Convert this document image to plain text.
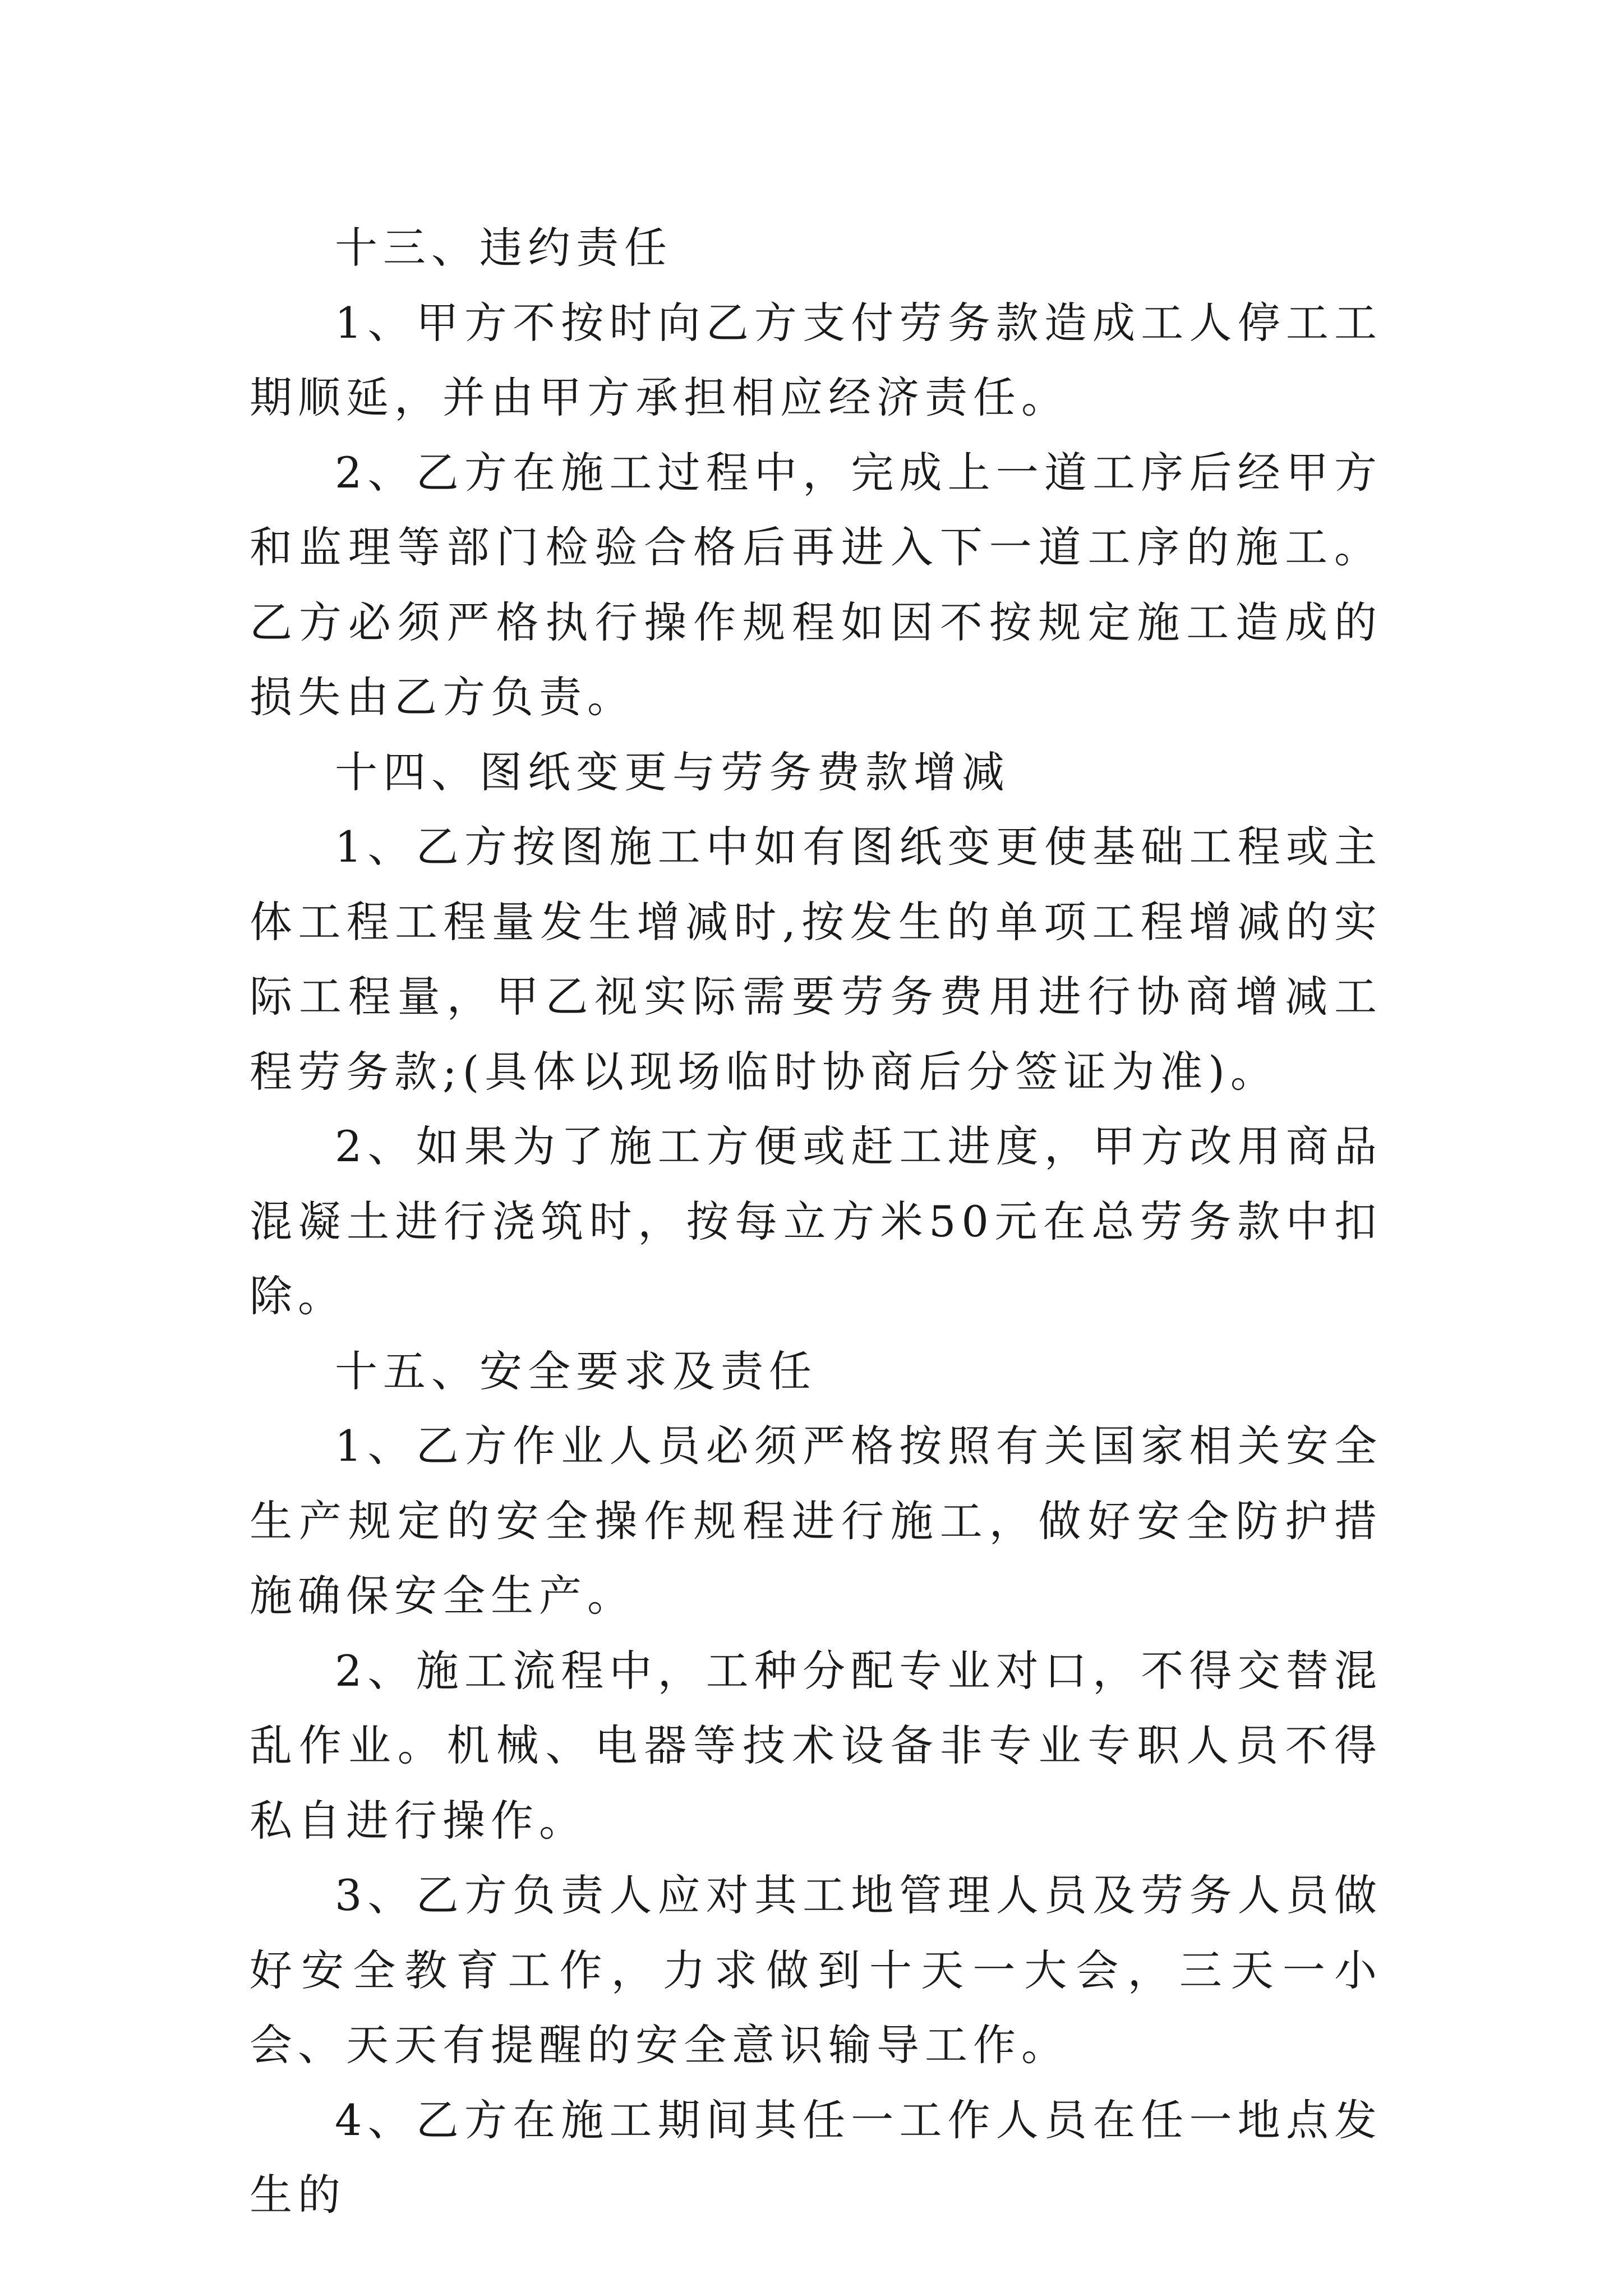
十三、违约责任

1、甲方不按时向乙方支付劳务款造成工人停工工期顺延，并由甲方承担相应经济责任。

2、乙方在施工过程中，完成上一道工序后经甲方和监理等部门检验合格后再进入下一道工序的施工。乙方必须严格执行操作规程如因不按规定施工造成的损失由乙方负责。

十四、图纸变更与劳务费款增减

1、乙方按图施工中如有图纸变更使基础工程或主体工程工程量发生增减时,按发生的单项工程增减的实际工程量，甲乙视实际需要劳务费用进行协商增减工程劳务款;(具体以现场临时协商后分签证为准)。

2、如果为了施工方便或赶工进度，甲方改用商品混凝土进行浇筑时，按每立方米50元在总劳务款中扣除。

十五、安全要求及责任

1、乙方作业人员必须严格按照有关国家相关安全生产规定的安全操作规程进行施工，做好安全防护措施确保安全生产。

2、施工流程中，工种分配专业对口，不得交替混乱作业。机械、电器等技术设备非专业专职人员不得私自进行操作。

3、乙方负责人应对其工地管理人员及劳务人员做好安全教育工作，力求做到十天一大会，三天一小会、天天有提醒的安全意识输导工作。

4、乙方在施工期间其任一工作人员在任一地点发生的
